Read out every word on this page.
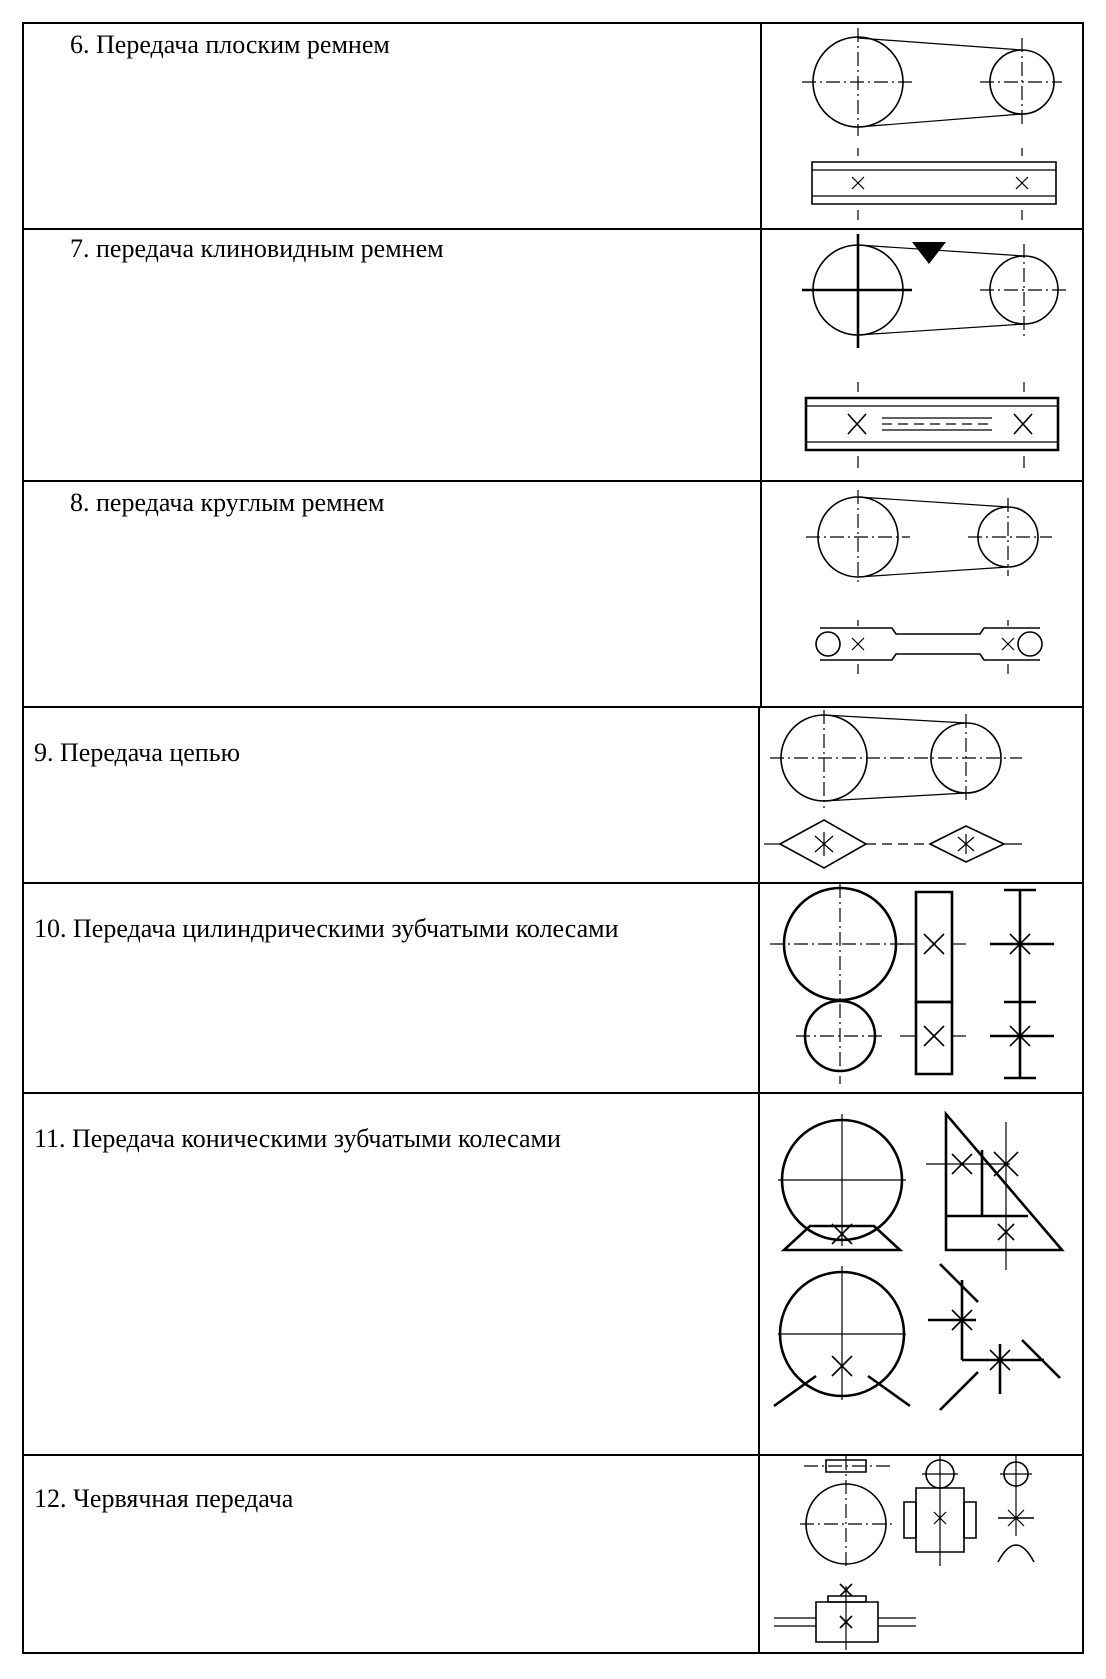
6. Передача плоским ремнем
7. передача клиновидным ремнем
8. передача круглым ремнем
9. Передача цепью
10. Передача цилиндрическими зубчатыми колесами
11. Передача коническими зубчатыми колесами
12. Червячная передача
